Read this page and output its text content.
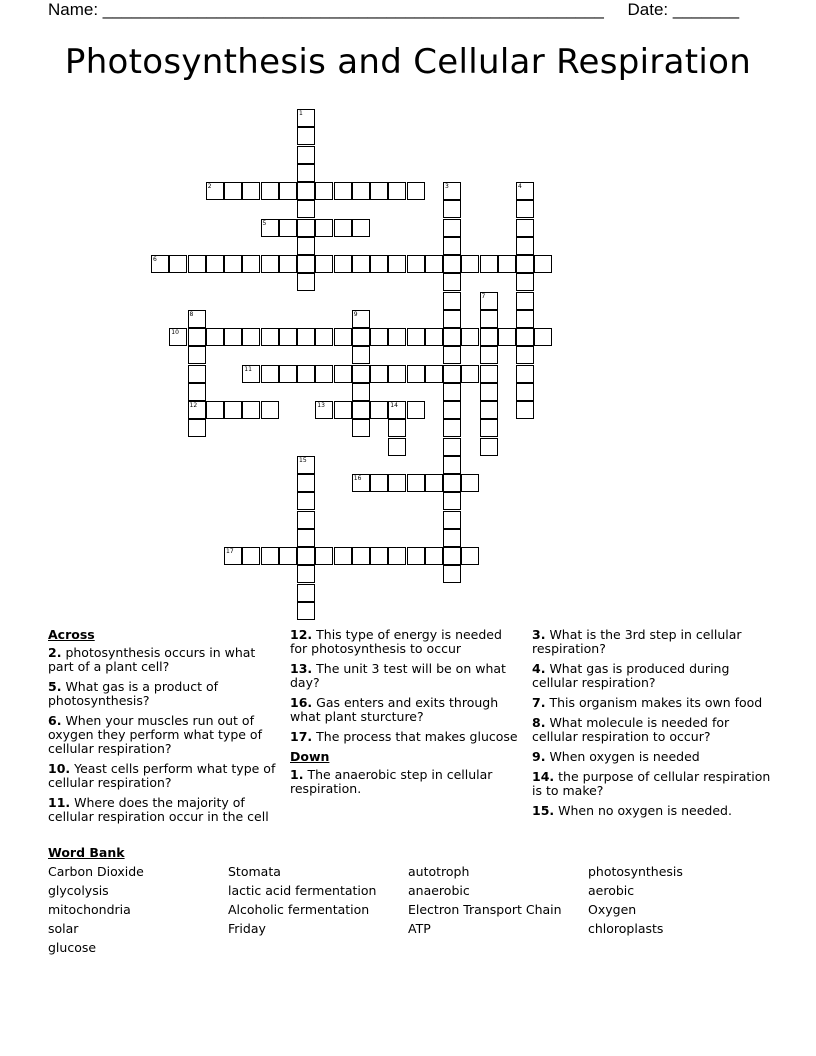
Name: _____________________________________________________     Date: _______
Photosynthesis and Cellular Respiration
1
2	3	4
5
6
7
8
12
9
10
11
13	14
15
16
17
Across
2. photosynthesis occurs in what part of a plant cell?
5. What gas is a product of photosynthesis?
6. When your muscles run out of oxygen they perform what type of cellular respiration?
10. Yeast cells perform what type of cellular respiration?
11. Where does the majority of cellular respiration occur in the cell
12. This type of energy is needed for photosynthesis to occur
13. The unit 3 test will be on what day?
16. Gas enters and exits through what plant sturcture?
17. The process that makes glucose
Down
1. The anaerobic step in cellular respiration.
3. What is the 3rd step in cellular respiration?
4. What gas is produced during cellular respiration?
7. This organism makes its own food
8. What molecule is needed for cellular respiration to occur?
9. When oxygen is needed
14. the purpose of cellular respiration is to make?
15. When no oxygen is needed.
Word Bank
Carbon Dioxide	Stomata	autotroph	photosynthesis
glycolysis	lactic acid fermentation	anaerobic	aerobic
mitochondria	Alcoholic fermentation	Electron Transport Chain	Oxygen
solar	Friday	ATP	chloroplasts
glucose
